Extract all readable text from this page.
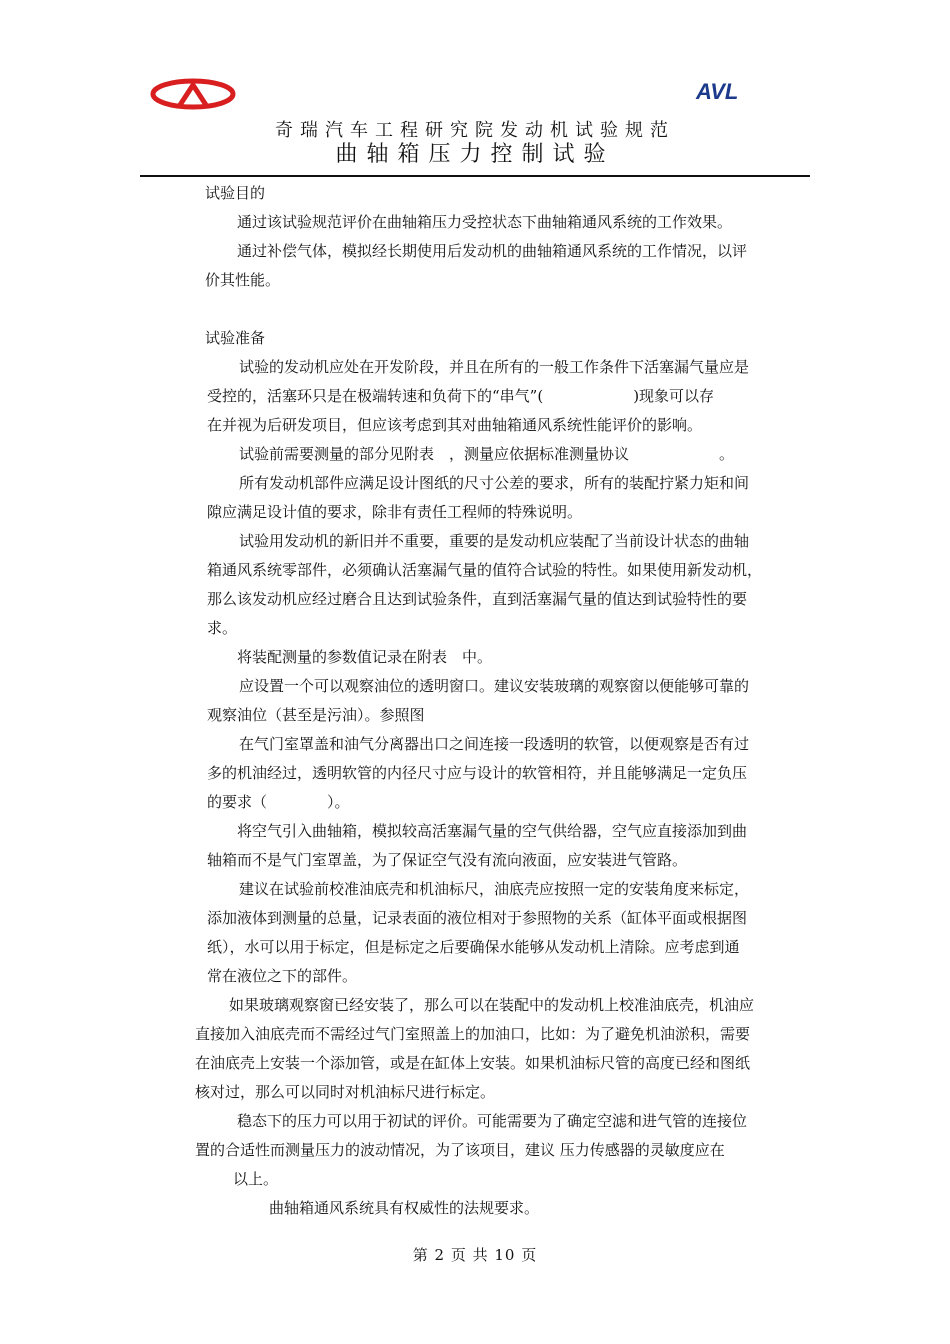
AVL
奇瑞汽车工程研究院发动机试验规范
曲轴箱压力控制试验
试验目的
通过该试验规范评价在曲轴箱压力受控状态下曲轴箱通风系统的工作效果。
通过补偿气体，模拟经长期使用后发动机的曲轴箱通风系统的工作情况，以评
价其性能。
试验准备
试验的发动机应处在开发阶段，并且在所有的一般工作条件下活塞漏气量应是
受控的，活塞环只是在极端转速和负荷下的“串气”(　　　　　　)现象可以存
在并视为后研发项目，但应该考虑到其对曲轴箱通风系统性能评价的影响。
试验前需要测量的部分见附表　，测量应依据标准测量协议　　　　　　。
所有发动机部件应满足设计图纸的尺寸公差的要求，所有的装配拧紧力矩和间
隙应满足设计值的要求，除非有责任工程师的特殊说明。
试验用发动机的新旧并不重要，重要的是发动机应装配了当前设计状态的曲轴
箱通风系统零部件，必须确认活塞漏气量的值符合试验的特性。如果使用新发动机，
那么该发动机应经过磨合且达到试验条件，直到活塞漏气量的值达到试验特性的要
求。
将装配测量的参数值记录在附表　中。
应设置一个可以观察油位的透明窗口。建议安装玻璃的观察窗以便能够可靠的
观察油位（甚至是污油）。参照图
在气门室罩盖和油气分离器出口之间连接一段透明的软管，以便观察是否有过
多的机油经过，透明软管的内径尺寸应与设计的软管相符，并且能够满足一定负压
的要求（　　　　）。
将空气引入曲轴箱，模拟较高活塞漏气量的空气供给器，空气应直接添加到曲
轴箱而不是气门室罩盖，为了保证空气没有流向液面，应安装进气管路。
建议在试验前校准油底壳和机油标尺，油底壳应按照一定的安装角度来标定，
添加液体到测量的总量，记录表面的液位相对于参照物的关系（缸体平面或根据图
纸），水可以用于标定，但是标定之后要确保水能够从发动机上清除。应考虑到通
常在液位之下的部件。
如果玻璃观察窗已经安装了，那么可以在装配中的发动机上校准油底壳，机油应
直接加入油底壳而不需经过气门室照盖上的加油口，比如：为了避免机油淤积，需要
在油底壳上安装一个添加管，或是在缸体上安装。如果机油标尺管的高度已经和图纸
核对过，那么可以同时对机油标尺进行标定。
稳态下的压力可以用于初试的评价。可能需要为了确定空滤和进气管的连接位
置的合适性而测量压力的波动情况，为了该项目，建议 压力传感器的灵敏度应在
以上。
曲轴箱通风系统具有权威性的法规要求。
第 2 页 共 10 页
